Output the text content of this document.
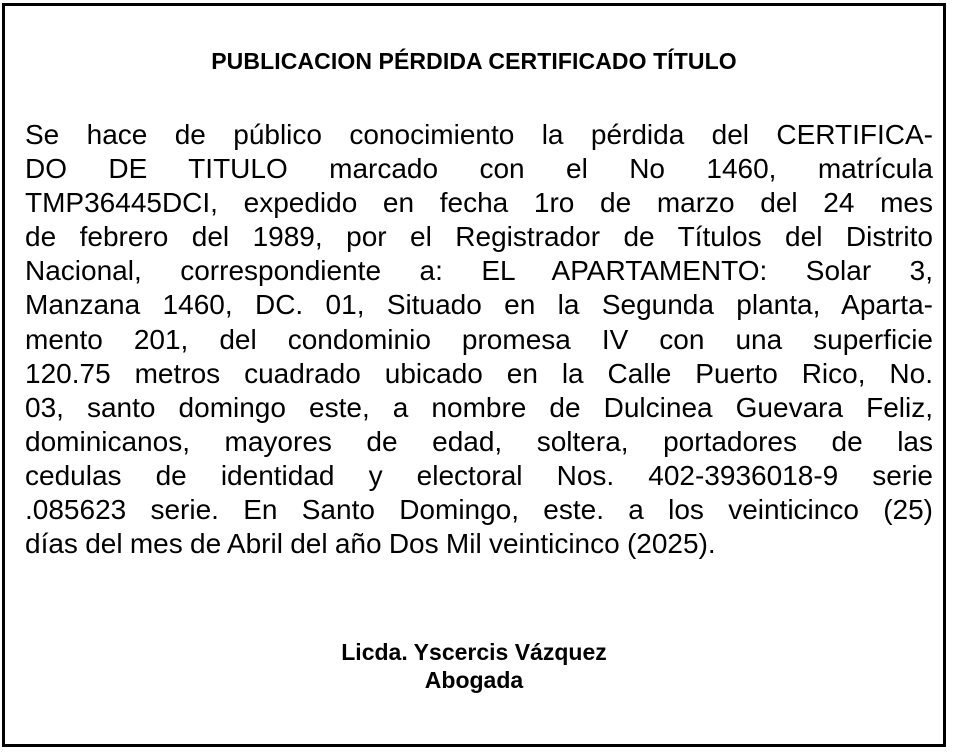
PUBLICACION PÉRDIDA CERTIFICADO TÍTULO
Se hace de público conocimiento la pérdida del CERTIFICA-
DO DE TITULO marcado con el No 1460, matrícula
TMP36445DCI, expedido en fecha 1ro de marzo del 24 mes
de febrero del 1989, por el Registrador de Títulos del Distrito
Nacional, correspondiente a: EL APARTAMENTO: Solar 3,
Manzana 1460, DC. 01, Situado en la Segunda planta, Aparta-
mento 201, del condominio promesa IV con una superficie
120.75 metros cuadrado ubicado en la Calle Puerto Rico, No.
03, santo domingo este, a nombre de Dulcinea Guevara Feliz,
dominicanos, mayores de edad, soltera, portadores de las
cedulas de identidad y electoral Nos. 402-3936018-9 serie
.085623 serie. En Santo Domingo, este. a los veinticinco (25)
días del mes de Abril del año Dos Mil veinticinco (2025).
Licda. Yscercis Vázquez
Abogada
